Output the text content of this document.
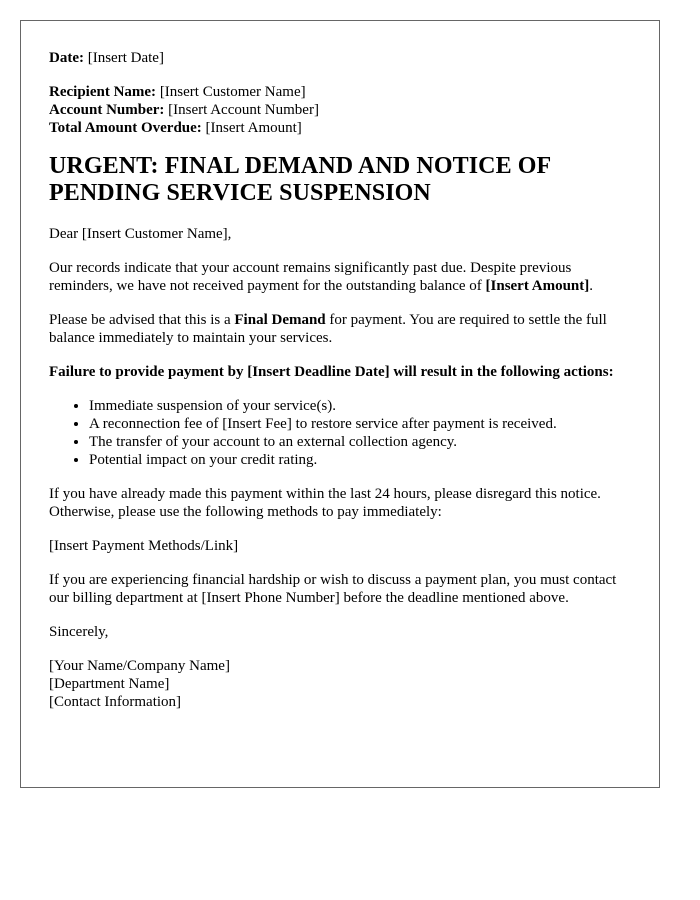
Date: [Insert Date]

Recipient Name: [Insert Customer Name]

Account Number: [Insert Account Number]

Total Amount Overdue: [Insert Amount]

URGENT: FINAL DEMAND AND NOTICE OF PENDING SERVICE SUSPENSION

Dear [Insert Customer Name],

Our records indicate that your account remains significantly past due. Despite previous reminders, we have not received payment for the outstanding balance of [Insert Amount].

Please be advised that this is a Final Demand for payment. You are required to settle the full balance immediately to maintain your services.

Failure to provide payment by [Insert Deadline Date] will result in the following actions:

• Immediate suspension of your service(s).
• A reconnection fee of [Insert Fee] to restore service after payment is received.
• The transfer of your account to an external collection agency.
• Potential impact on your credit rating.

If you have already made this payment within the last 24 hours, please disregard this notice. Otherwise, please use the following methods to pay immediately:

[Insert Payment Methods/Link]

If you are experiencing financial hardship or wish to discuss a payment plan, you must contact our billing department at [Insert Phone Number] before the deadline mentioned above.

Sincerely,

[Your Name/Company Name]

[Department Name]

[Contact Information]
